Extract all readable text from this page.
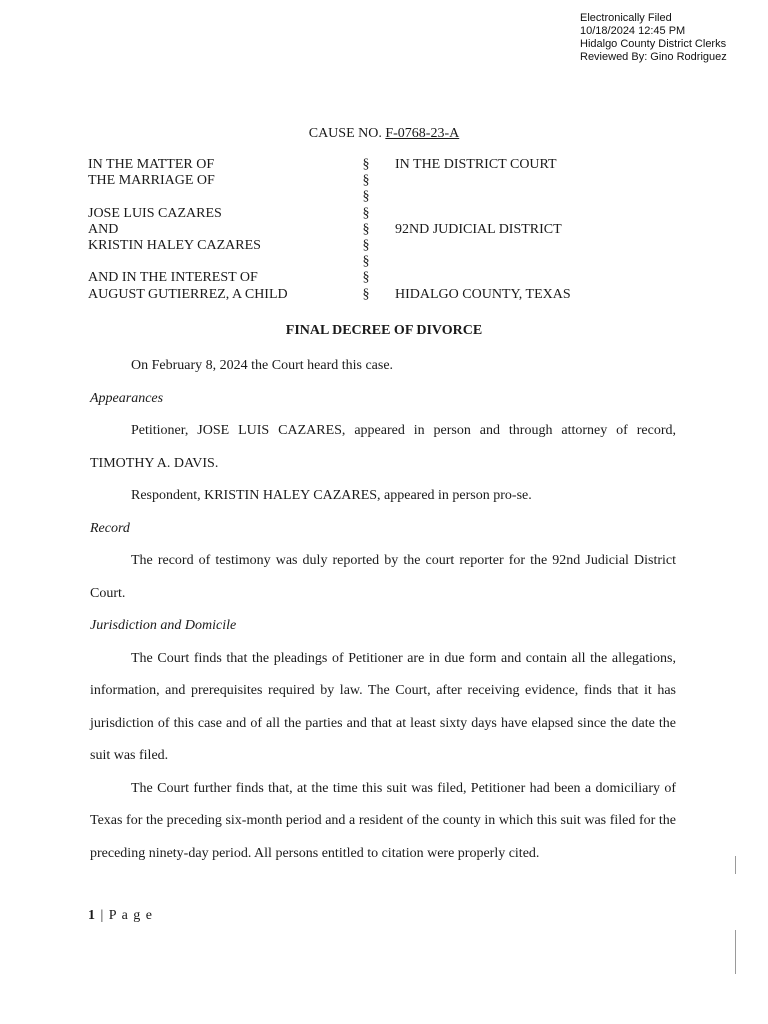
Electronically Filed
10/18/2024 12:45 PM
Hidalgo County District Clerks
Reviewed By: Gino Rodriguez
CAUSE NO. F-0768-23-A
IN THE MATTER OF
THE MARRIAGE OF
JOSE LUIS CAZARES
AND
KRISTIN HALEY CAZARES
AND IN THE INTEREST OF
AUGUST GUTIERREZ, A CHILD
§
§
§
§
§
§
§
§
§
IN THE DISTRICT COURT
92ND JUDICIAL DISTRICT
HIDALGO COUNTY, TEXAS
FINAL DECREE OF DIVORCE

On February 8, 2024 the Court heard this case.

Appearances

Petitioner, JOSE LUIS CAZARES, appeared in person and through attorney of record,

TIMOTHY A. DAVIS.

Respondent, KRISTIN HALEY CAZARES, appeared in person pro-se.

Record

The record of testimony was duly reported by the court reporter for the 92nd Judicial District Court.

Jurisdiction and Domicile

The Court finds that the pleadings of Petitioner are in due form and contain all the allegations, information, and prerequisites required by law. The Court, after receiving evidence, finds that it has jurisdiction of this case and of all the parties and that at least sixty days have elapsed since the date the suit was filed.

The Court further finds that, at the time this suit was filed, Petitioner had been a domiciliary of Texas for the preceding six-month period and a resident of the county in which this suit was filed for the preceding ninety-day period. All persons entitled to citation were properly cited.

1 | P a g e
